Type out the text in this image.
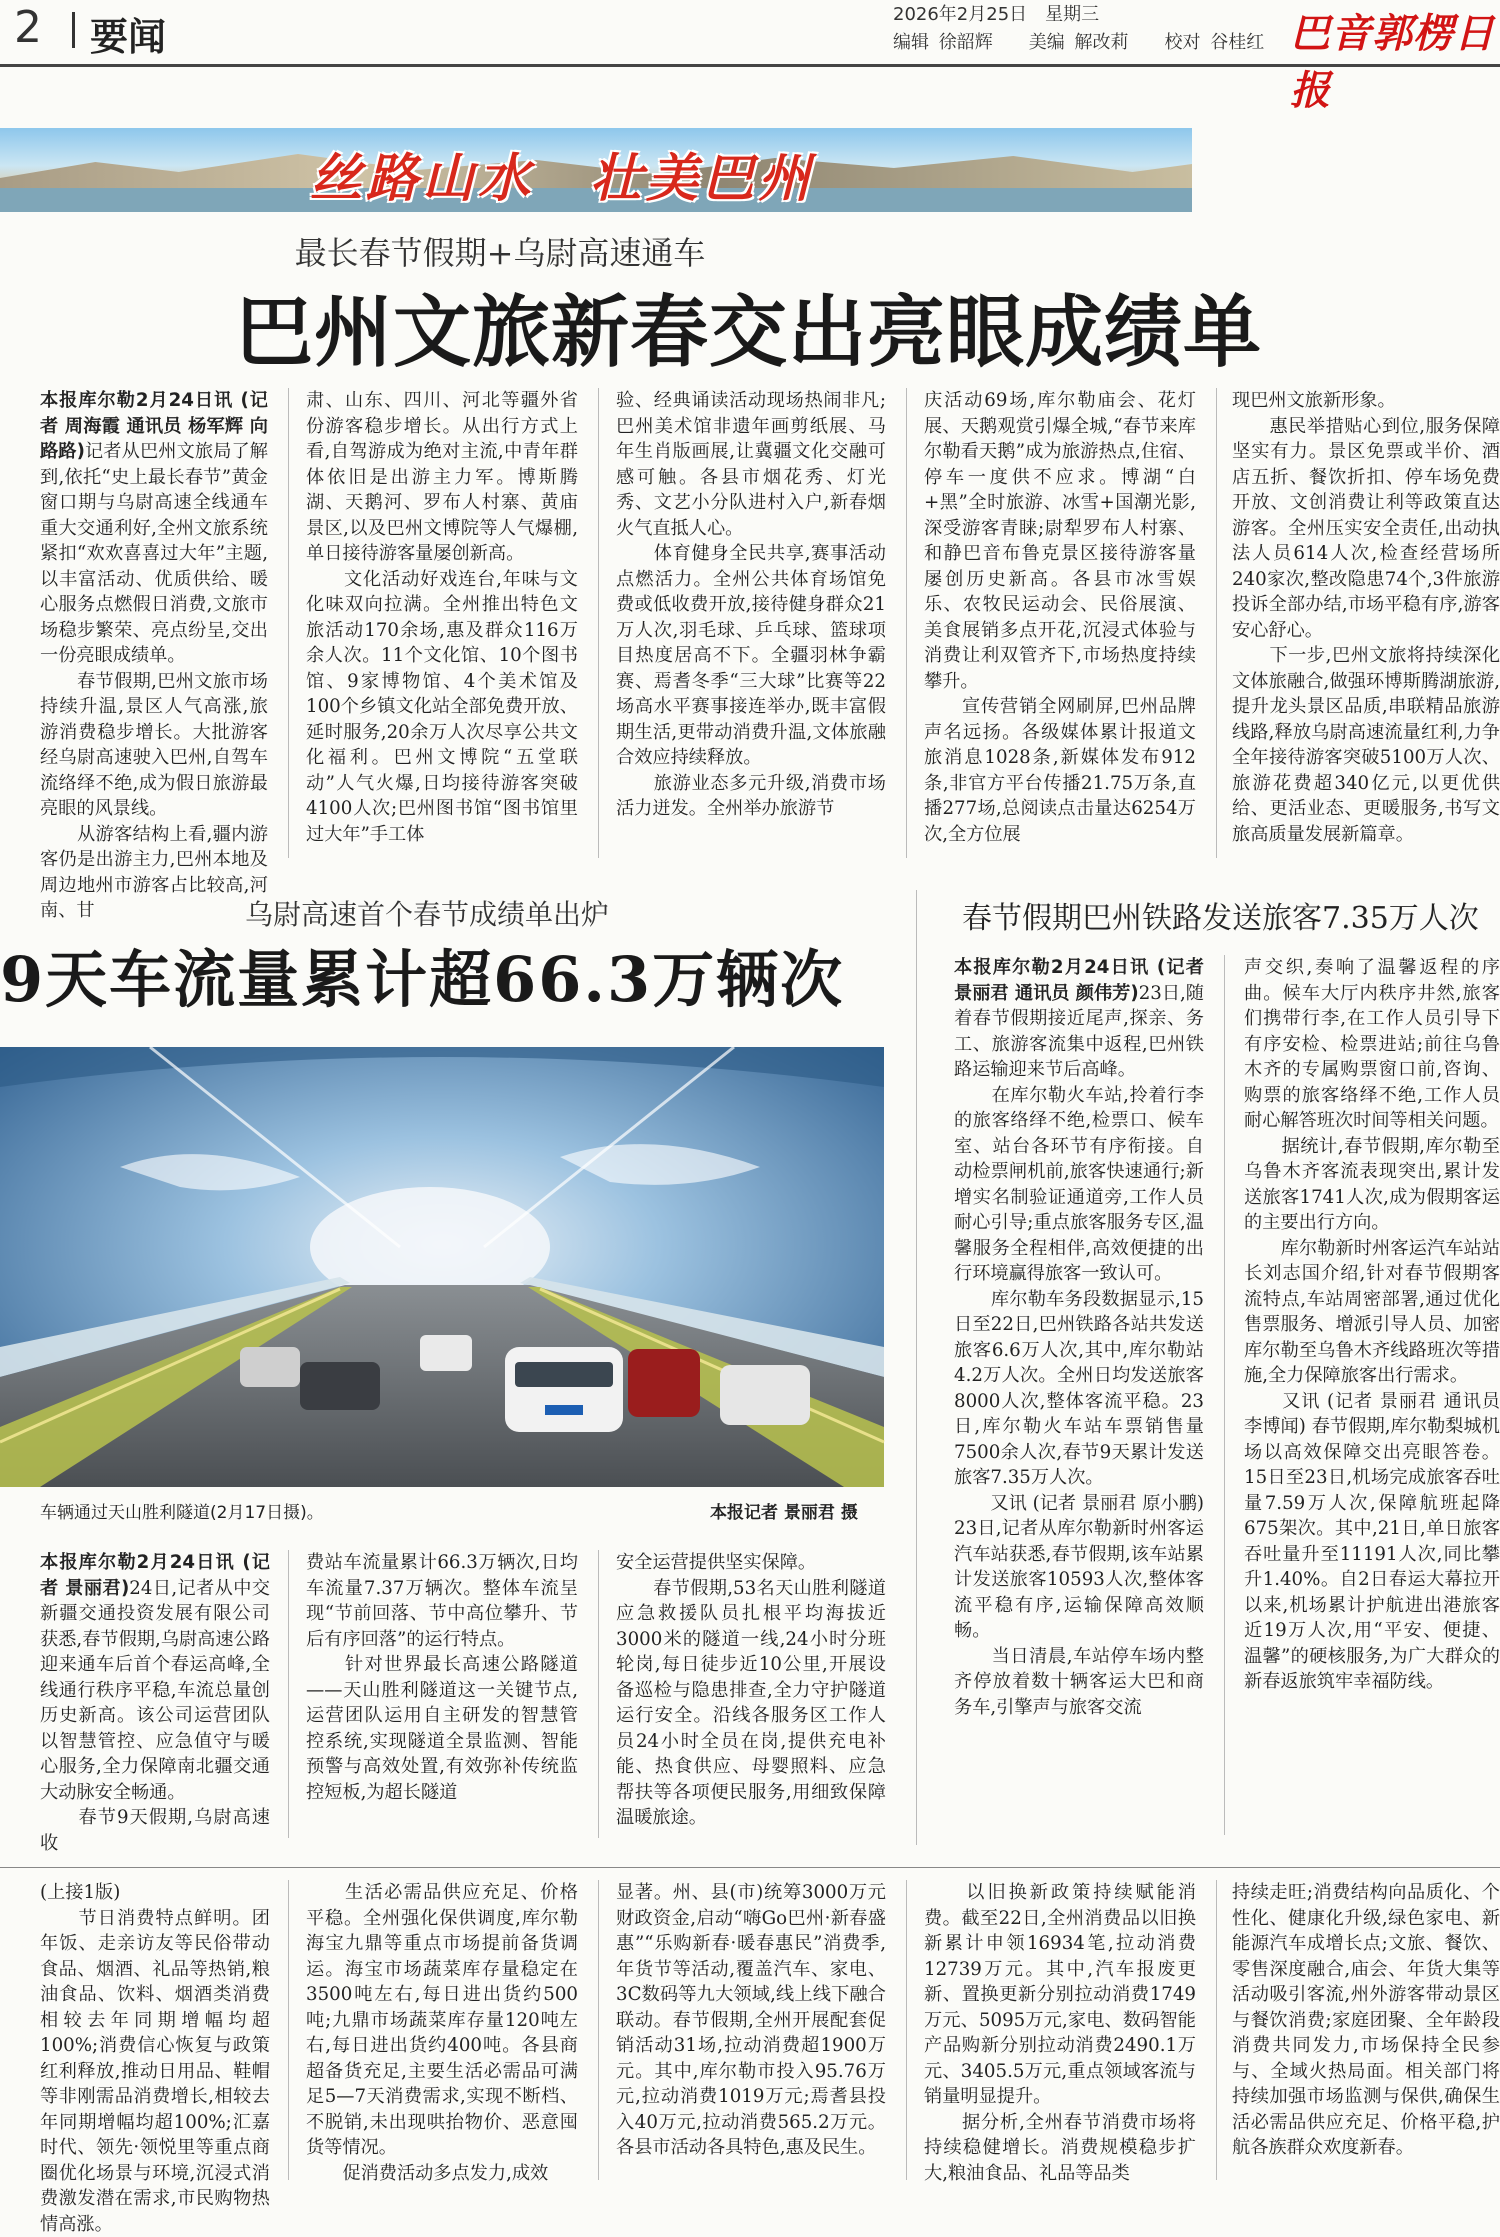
2 要闻
2026年2月25日　星期三
编辑 徐韶辉　　 美编 解改莉　　 校对 谷桂红 巴音郭楞日报
丝路山水　壮美巴州
最长春节假期+乌尉高速通车
巴州文旅新春交出亮眼成绩单

本报库尔勒2月24日讯 (记者 周海霞 通讯员 杨军辉 向路路)记者从巴州文旅局了解到,依托“史上最长春节”黄金窗口期与乌尉高速全线通车重大交通利好,全州文旅系统紧扣“欢欢喜喜过大年”主题,以丰富活动、优质供给、暖心服务点燃假日消费,文旅市场稳步繁荣、亮点纷呈,交出一份亮眼成绩单。
　　春节假期,巴州文旅市场持续升温,景区人气高涨,旅游消费稳步增长。大批游客经乌尉高速驶入巴州,自驾车流络绎不绝,成为假日旅游最亮眼的风景线。
　　从游客结构上看,疆内游客仍是出游主力,巴州本地及周边地州市游客占比较高,河南、甘

肃、山东、四川、河北等疆外省份游客稳步增长。从出行方式上看,自驾游成为绝对主流,中青年群体依旧是出游主力军。博斯腾湖、天鹅河、罗布人村寨、黄庙景区,以及巴州文博院等人气爆棚,单日接待游客量屡创新高。
　　文化活动好戏连台,年味与文化味双向拉满。全州推出特色文旅活动170余场,惠及群众116万余人次。11个文化馆、10个图书馆、9家博物馆、4个美术馆及100个乡镇文化站全部免费开放、延时服务,20余万人次尽享公共文化福利。巴州文博院“五堂联动”人气火爆,日均接待游客突破4100人次;巴州图书馆“图书馆里过大年”手工体
验、经典诵读活动现场热闹非凡;巴州美术馆非遗年画剪纸展、马年生肖版画展,让冀疆文化交融可感可触。各县市烟花秀、灯光秀、文艺小分队进村入户,新春烟火气直抵人心。
　　体育健身全民共享,赛事活动点燃活力。全州公共体育场馆免费或低收费开放,接待健身群众21万人次,羽毛球、乒乓球、篮球项目热度居高不下。全疆羽林争霸赛、焉耆冬季“三大球”比赛等22场高水平赛事接连举办,既丰富假期生活,更带动消费升温,文体旅融合效应持续释放。
　　旅游业态多元升级,消费市场活力迸发。全州举办旅游节
庆活动69场,库尔勒庙会、花灯展、天鹅观赏引爆全城,“春节来库尔勒看天鹅”成为旅游热点,住宿、停车一度供不应求。博湖“白+黑”全时旅游、冰雪+国潮光影,深受游客青睐;尉犁罗布人村寨、和静巴音布鲁克景区接待游客量屡创历史新高。各县市冰雪娱乐、农牧民运动会、民俗展演、美食展销多点开花,沉浸式体验与消费让利双管齐下,市场热度持续攀升。
　　宣传营销全网刷屏,巴州品牌声名远扬。各级媒体累计报道文旅消息1028条,新媒体发布912条,非官方平台传播21.75万条,直播277场,总阅读点击量达6254万次,全方位展
现巴州文旅新形象。
　　惠民举措贴心到位,服务保障坚实有力。景区免票或半价、酒店五折、餐饮折扣、停车场免费开放、文创消费让利等政策直达游客。全州压实安全责任,出动执法人员614人次,检查经营场所240家次,整改隐患74个,3件旅游投诉全部办结,市场平稳有序,游客安心舒心。
　　下一步,巴州文旅将持续深化文体旅融合,做强环博斯腾湖旅游,提升龙头景区品质,串联精品旅游线路,释放乌尉高速流量红利,力争全年接待游客突破5100万人次、旅游花费超340亿元,以更优供给、更活业态、更暖服务,书写文旅高质量发展新篇章。
乌尉高速首个春节成绩单出炉
9天车流量累计超66.3万辆次
车辆通过天山胜利隧道(2月17日摄)。	本报记者 景丽君 摄

本报库尔勒2月24日讯 (记者 景丽君)24日,记者从中交新疆交通投资发展有限公司获悉,春节假期,乌尉高速公路迎来通车后首个春运高峰,全线通行秩序平稳,车流总量创历史新高。该公司运营团队以智慧管控、应急值守与暖心服务,全力保障南北疆交通大动脉安全畅通。
　　春节9天假期,乌尉高速收

费站车流量累计66.3万辆次,日均车流量7.37万辆次。整体车流呈现“节前回落、节中高位攀升、节后有序回落”的运行特点。
　　针对世界最长高速公路隧道——天山胜利隧道这一关键节点,运营团队运用自主研发的智慧管控系统,实现隧道全景监测、智能预警与高效处置,有效弥补传统监控短板,为超长隧道
安全运营提供坚实保障。
　　春节假期,53名天山胜利隧道应急救援队员扎根平均海拔近3000米的隧道一线,24小时分班轮岗,每日徒步近10公里,开展设备巡检与隐患排查,全力守护隧道运行安全。沿线各服务区工作人员24小时全员在岗,提供充电补能、热食供应、母婴照料、应急帮扶等各项便民服务,用细致保障温暖旅途。
春节假期巴州铁路发送旅客7.35万人次

本报库尔勒2月24日讯 (记者 景丽君 通讯员 颜伟芳)23日,随着春节假期接近尾声,探亲、务工、旅游客流集中返程,巴州铁路运输迎来节后高峰。
　　在库尔勒火车站,拎着行李的旅客络绎不绝,检票口、候车室、站台各环节有序衔接。自动检票闸机前,旅客快速通行;新增实名制验证通道旁,工作人员耐心引导;重点旅客服务专区,温馨服务全程相伴,高效便捷的出行环境赢得旅客一致认可。
　　库尔勒车务段数据显示,15日至22日,巴州铁路各站共发送旅客6.6万人次,其中,库尔勒站4.2万人次。全州日均发送旅客8000人次,整体客流平稳。23日,库尔勒火车站车票销售量7500余人次,春节9天累计发送旅客7.35万人次。
　　又讯 (记者 景丽君 原小鹏) 23日,记者从库尔勒新时州客运汽车站获悉,春节假期,该车站累计发送旅客10593人次,整体客流平稳有序,运输保障高效顺畅。
　　当日清晨,车站停车场内整齐停放着数十辆客运大巴和商务车,引擎声与旅客交流

声交织,奏响了温馨返程的序曲。候车大厅内秩序井然,旅客们携带行李,在工作人员引导下有序安检、检票进站;前往乌鲁木齐的专属购票窗口前,咨询、购票的旅客络绎不绝,工作人员耐心解答班次时间等相关问题。
　　据统计,春节假期,库尔勒至乌鲁木齐客流表现突出,累计发送旅客1741人次,成为假期客运的主要出行方向。
　　库尔勒新时州客运汽车站站长刘志国介绍,针对春节假期客流特点,车站周密部署,通过优化售票服务、增派引导人员、加密库尔勒至乌鲁木齐线路班次等措施,全力保障旅客出行需求。
　　又讯 (记者 景丽君 通讯员 李博闻) 春节假期,库尔勒梨城机场以高效保障交出亮眼答卷。15日至23日,机场完成旅客吞吐量7.59万人次,保障航班起降675架次。其中,21日,单日旅客吞吐量升至11191人次,同比攀升1.40%。自2日春运大幕拉开以来,机场累计护航进出港旅客近19万人次,用“平安、便捷、温馨”的硬核服务,为广大群众的新春返旅筑牢幸福防线。
(上接1版)
　　节日消费特点鲜明。团年饭、走亲访友等民俗带动食品、烟酒、礼品等热销,粮油食品、饮料、烟酒类消费相较去年同期增幅均超100%;消费信心恢复与政策红利释放,推动日用品、鞋帽等非刚需品消费增长,相较去年同期增幅均超100%;汇嘉时代、领先·领悦里等重点商圈优化场景与环境,沉浸式消费激发潜在需求,市民购物热情高涨。
　　生活必需品供应充足、价格平稳。全州强化保供调度,库尔勒海宝九鼎等重点市场提前备货调运。海宝市场蔬菜库存量稳定在3500吨左右,每日进出货约500吨;九鼎市场蔬菜库存量120吨左右,每日进出货约400吨。各县商超备货充足,主要生活必需品可满足5—7天消费需求,实现不断档、不脱销,未出现哄抬物价、恶意囤货等情况。
　　促消费活动多点发力,成效
显著。州、县(市)统筹3000万元财政资金,启动“嗨Go巴州·新春盛惠”“乐购新春·暖春惠民”消费季,年货节等活动,覆盖汽车、家电、3C数码等九大领域,线上线下融合联动。春节假期,全州开展配套促销活动31场,拉动消费超1900万元。其中,库尔勒市投入95.76万元,拉动消费1019万元;焉耆县投入40万元,拉动消费565.2万元。各县市活动各具特色,惠及民生。
　　以旧换新政策持续赋能消费。截至22日,全州消费品以旧换新累计申领16934笔,拉动消费12739万元。其中,汽车报废更新、置换更新分别拉动消费1749万元、5095万元,家电、数码智能产品购新分别拉动消费2490.1万元、3405.5万元,重点领域客流与销量明显提升。
　　据分析,全州春节消费市场将持续稳健增长。消费规模稳步扩大,粮油食品、礼品等品类
持续走旺;消费结构向品质化、个性化、健康化升级,绿色家电、新能源汽车成增长点;文旅、餐饮、零售深度融合,庙会、年货大集等活动吸引客流,州外游客带动景区与餐饮消费;家庭团聚、全年龄段消费共同发力,市场保持全民参与、全域火热局面。相关部门将持续加强市场监测与保供,确保生活必需品供应充足、价格平稳,护航各族群众欢度新春。
